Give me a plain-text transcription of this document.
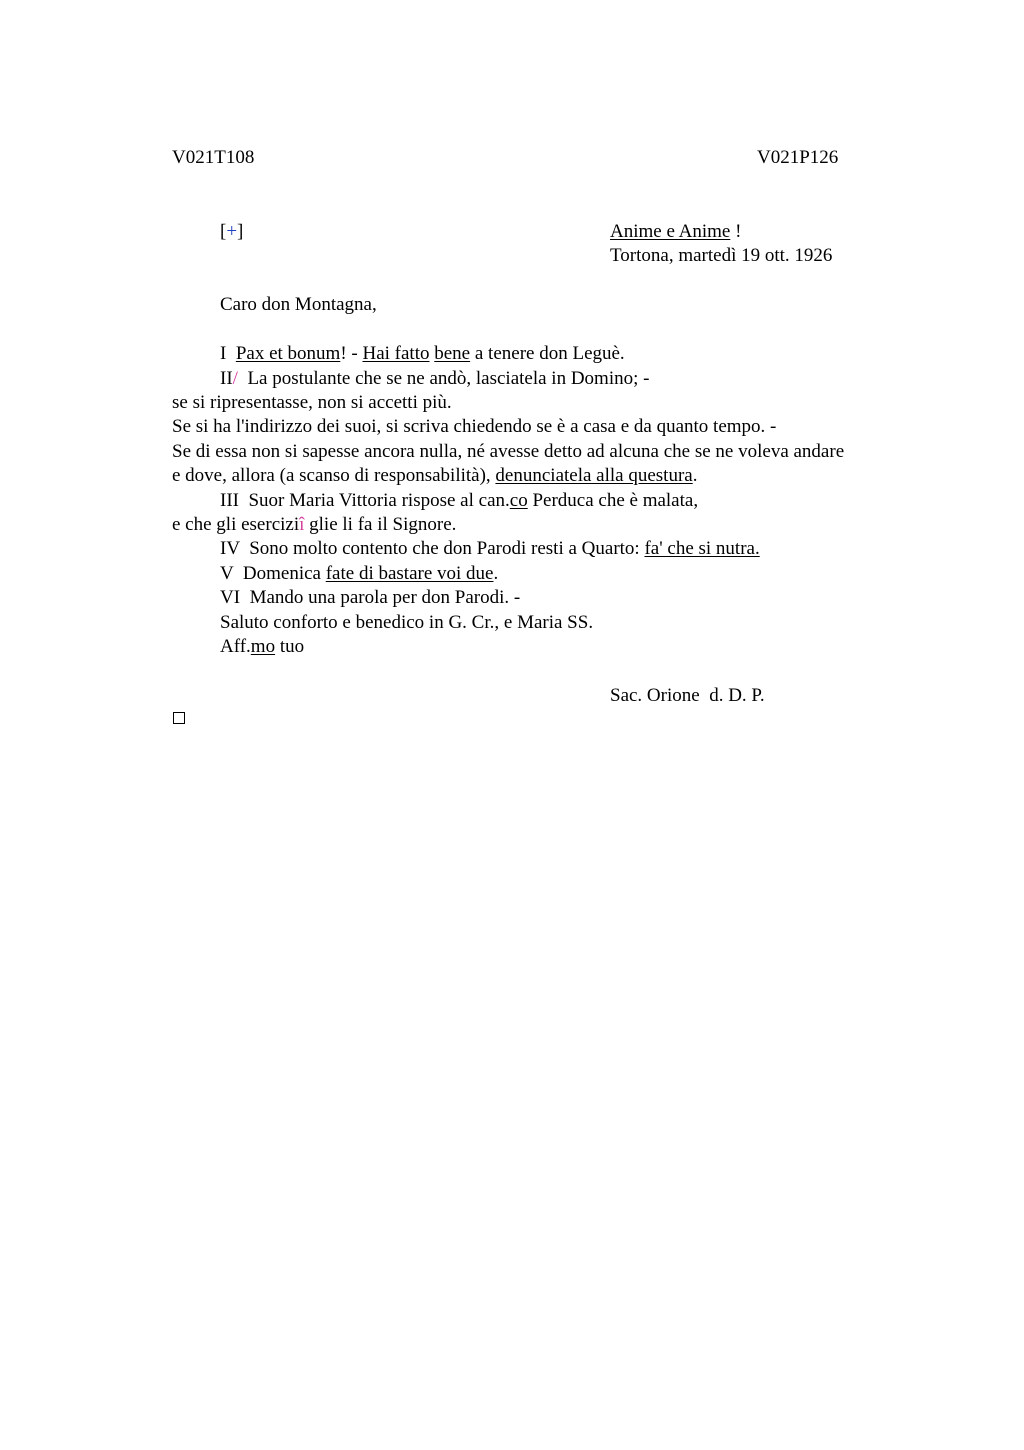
V021T108	V021P126
[+]	Anime e Anime !
Tortona, martedì 19 ott. 1926
Caro don Montagna,
I Pax et bonum! - Hai fatto bene a tenere don Leguè.
II/ La postulante che se ne andò, lasciatela in Domino; -
se si ripresentasse, non si accetti più.
Se si ha l'indirizzo dei suoi, si scriva chiedendo se è a casa e da quanto tempo. -
Se di essa non si sapesse ancora nulla, né avesse detto ad alcuna che se ne voleva andare
e dove, allora (a scanso di responsabilità), denunciatela alla questura.
III Suor Maria Vittoria rispose al can.co Perduca che è malata,
e che gli eserciziî glie li fa il Signore.
IV Sono molto contento che don Parodi resti a Quarto: fa' che si nutra.
V Domenica fate di bastare voi due.
VI Mando una parola per don Parodi. -
Saluto conforto e benedico in G. Cr., e Maria SS.
Aff.mo tuo
Sac. Orione  d. D. P.
